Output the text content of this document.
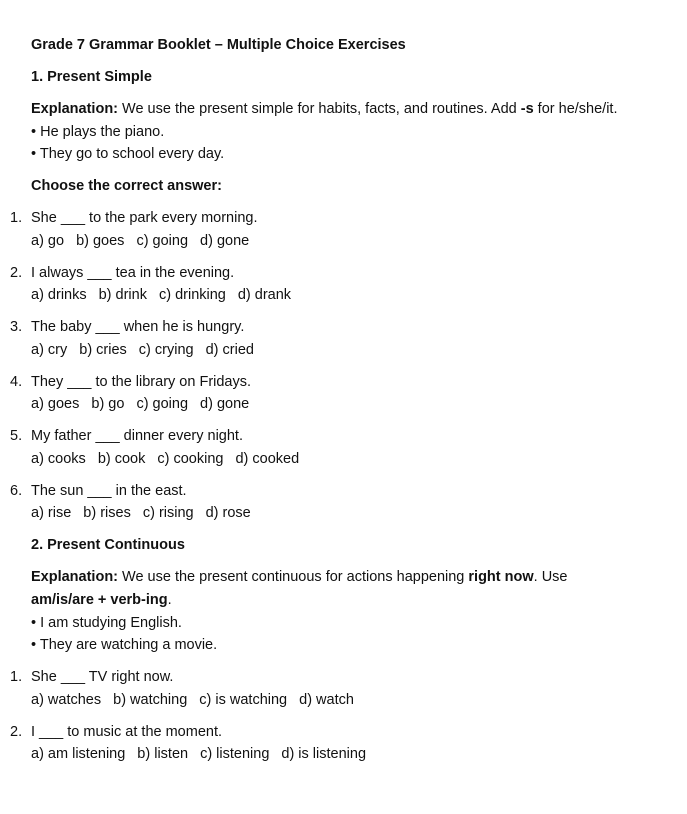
Grade 7 Grammar Booklet – Multiple Choice Exercises
1. Present Simple
Explanation: We use the present simple for habits, facts, and routines. Add -s for he/she/it.
• He plays the piano.
• They go to school every day.
Choose the correct answer:
1. She ___ to the park every morning.
a) go b) goes c) going d) gone
2. I always ___ tea in the evening.
a) drinks b) drink c) drinking d) drank
3. The baby ___ when he is hungry.
a) cry b) cries c) crying d) cried
4. They ___ to the library on Fridays.
a) goes b) go c) going d) gone
5. My father ___ dinner every night.
a) cooks b) cook c) cooking d) cooked
6. The sun ___ in the east.
a) rise b) rises c) rising d) rose
2. Present Continuous
Explanation: We use the present continuous for actions happening right now. Use
am/is/are + verb-ing.
• I am studying English.
• They are watching a movie.
1. She ___ TV right now.
a) watches b) watching c) is watching d) watch
2. I ___ to music at the moment.
a) am listening b) listen c) listening d) is listening
